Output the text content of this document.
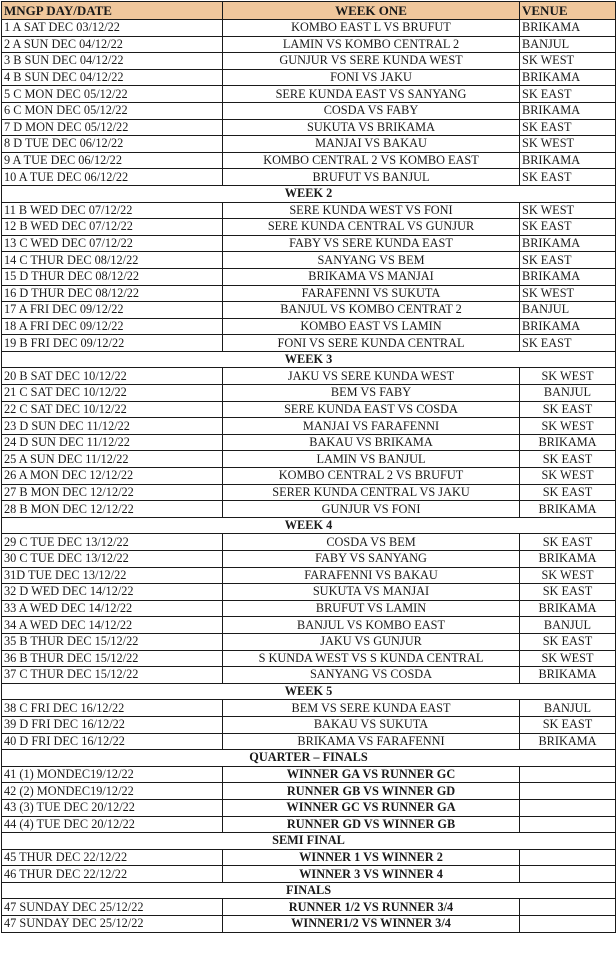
MNGP DAY/DATE	WEEK ONE	VENUE
1 A SAT DEC 03/12/22	KOMBO EAST L VS BRUFUT	BRIKAMA
2 A SUN DEC 04/12/22	LAMIN VS KOMBO CENTRAL 2	BANJUL
3 B SUN DEC 04/12/22	GUNJUR VS SERE KUNDA WEST	SK WEST
4 B SUN DEC 04/12/22	FONI VS JAKU	BRIKAMA
5 C MON DEC 05/12/22	SERE KUNDA EAST VS SANYANG	SK EAST
6 C MON DEC 05/12/22	COSDA VS FABY	BRIKAMA
7 D MON DEC 05/12/22	SUKUTA VS BRIKAMA	SK EAST
8 D TUE DEC 06/12/22	MANJAI VS BAKAU	SK WEST
9 A TUE DEC 06/12/22	KOMBO CENTRAL 2 VS KOMBO EAST	BRIKAMA
10 A TUE DEC 06/12/22	BRUFUT VS BANJUL	SK EAST
WEEK 2		
11 B WED DEC 07/12/22	SERE KUNDA WEST VS FONI	SK WEST
12 B WED DEC 07/12/22	SERE KUNDA CENTRAL VS GUNJUR	SK EAST
13 C WED DEC 07/12/22	FABY VS SERE KUNDA EAST	BRIKAMA
14 C THUR DEC 08/12/22	SANYANG VS BEM	SK EAST
15 D THUR DEC 08/12/22	BRIKAMA VS MANJAI	BRIKAMA
16 D THUR DEC 08/12/22	FARAFENNI VS SUKUTA	SK WEST
17 A FRI DEC 09/12/22	BANJUL VS KOMBO CENTRAT 2	BANJUL
18 A FRI DEC 09/12/22	KOMBO EAST VS LAMIN	BRIKAMA
19 B FRI DEC 09/12/22	FONI VS SERE KUNDA CENTRAL	SK EAST
WEEK 3		
20 B SAT DEC 10/12/22	JAKU VS SERE KUNDA WEST	SK WEST
21 C SAT DEC 10/12/22	BEM VS FABY	BANJUL
22 C SAT DEC 10/12/22	SERE KUNDA EAST VS COSDA	SK EAST
23 D SUN DEC 11/12/22	MANJAI VS FARAFENNI	SK WEST
24 D SUN DEC 11/12/22	BAKAU VS BRIKAMA	BRIKAMA
25 A SUN DEC 11/12/22	LAMIN VS BANJUL	SK EAST
26 A MON DEC 12/12/22	KOMBO CENTRAL 2 VS BRUFUT	SK WEST
27 B MON DEC 12/12/22	SERER KUNDA CENTRAL VS JAKU	SK EAST
28 B MON DEC 12/12/22	GUNJUR VS FONI	BRIKAMA
WEEK 4		
29 C TUE DEC 13/12/22	COSDA VS BEM	SK EAST
30 C TUE DEC 13/12/22	FABY VS SANYANG	BRIKAMA
31D TUE DEC 13/12/22	FARAFENNI VS BAKAU	SK WEST
32 D WED DEC 14/12/22	SUKUTA VS MANJAI	SK EAST
33 A WED DEC 14/12/22	BRUFUT VS LAMIN	BRIKAMA
34 A WED DEC 14/12/22	BANJUL VS KOMBO EAST	BANJUL
35 B THUR DEC 15/12/22	JAKU VS GUNJUR	SK EAST
36 B THUR DEC 15/12/22	S KUNDA WEST VS S KUNDA CENTRAL	SK WEST
37 C THUR DEC 15/12/22	SANYANG VS COSDA	BRIKAMA
WEEK 5		
38 C FRI DEC 16/12/22	BEM VS SERE KUNDA EAST	BANJUL
39 D FRI DEC 16/12/22	BAKAU VS SUKUTA	SK EAST
40 D FRI DEC 16/12/22	BRIKAMA VS FARAFENNI	BRIKAMA
QUARTER – FINALS		
41 (1) MONDEC19/12/22	WINNER GA VS RUNNER GC	
42 (2) MONDEC19/12/22	RUNNER GB VS WINNER GD	
43 (3) TUE DEC 20/12/22	WINNER GC VS RUNNER GA	
44 (4) TUE DEC 20/12/22	RUNNER GD VS WINNER GB	
SEMI FINAL		
45 THUR DEC 22/12/22	WINNER 1 VS WINNER 2	
46 THUR DEC 22/12/22	WINNER 3 VS WINNER 4	
FINALS		
47 SUNDAY DEC 25/12/22	RUNNER 1/2 VS RUNNER 3/4	
47 SUNDAY DEC 25/12/22	WINNER1/2 VS WINNER 3/4	
